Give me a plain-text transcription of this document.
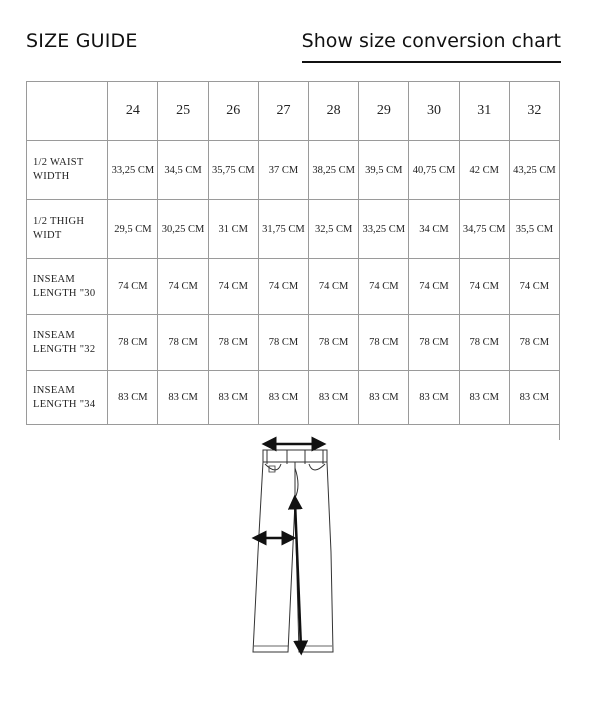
SIZE GUIDE	Show size conversion chart
	24	25	26	27	28	29	30	31	32
1/2 WAIST WIDTH	33,25 CM	34,5 CM	35,75 CM	37 CM	38,25 CM	39,5 CM	40,75 CM	42 CM	43,25 CM
1/2 THIGH WIDT	29,5 CM	30,25 CM	31 CM	31,75 CM	32,5 CM	33,25 CM	34 CM	34,75 CM	35,5 CM
INSEAM LENGTH "30	74 CM	74 CM	74 CM	74 CM	74 CM	74 CM	74 CM	74 CM	74 CM
INSEAM LENGTH "32	78 CM	78 CM	78 CM	78 CM	78 CM	78 CM	78 CM	78 CM	78 CM
INSEAM LENGTH "34	83 CM	83 CM	83 CM	83 CM	83 CM	83 CM	83 CM	83 CM	83 CM
